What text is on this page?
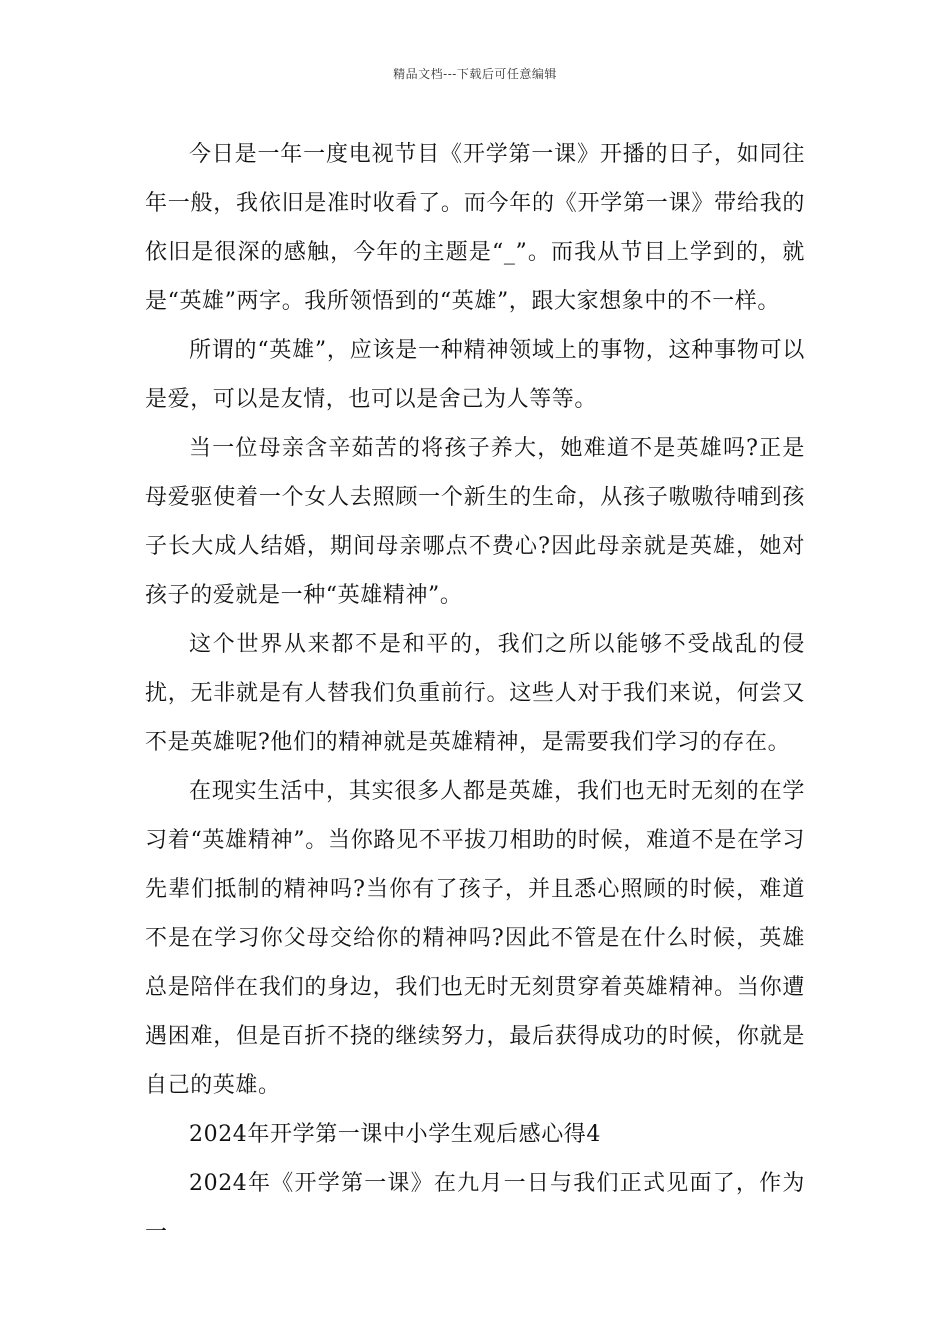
精品文档---下载后可任意编辑

今日是一年一度电视节目《开学第一课》开播的日子，如同往年一般，我依旧是准时收看了。而今年的《开学第一课》带给我的依旧是很深的感触，今年的主题是“_”。而我从节目上学到的，就是“英雄”两字。我所领悟到的“英雄”，跟大家想象中的不一样。

所谓的“英雄”，应该是一种精神领域上的事物，这种事物可以是爱，可以是友情，也可以是舍己为人等等。

当一位母亲含辛茹苦的将孩子养大，她难道不是英雄吗?正是母爱驱使着一个女人去照顾一个新生的生命，从孩子嗷嗷待哺到孩子长大成人结婚，期间母亲哪点不费心?因此母亲就是英雄，她对孩子的爱就是一种“英雄精神”。

这个世界从来都不是和平的，我们之所以能够不受战乱的侵扰，无非就是有人替我们负重前行。这些人对于我们来说，何尝又不是英雄呢?他们的精神就是英雄精神，是需要我们学习的存在。

在现实生活中，其实很多人都是英雄，我们也无时无刻的在学习着“英雄精神”。当你路见不平拔刀相助的时候，难道不是在学习先辈们抵制的精神吗?当你有了孩子，并且悉心照顾的时候，难道不是在学习你父母交给你的精神吗?因此不管是在什么时候，英雄总是陪伴在我们的身边，我们也无时无刻贯穿着英雄精神。当你遭遇困难，但是百折不挠的继续努力，最后获得成功的时候，你就是自己的英雄。

2024年开学第一课中小学生观后感心得4

2024年《开学第一课》在九月一日与我们正式见面了，作为一
